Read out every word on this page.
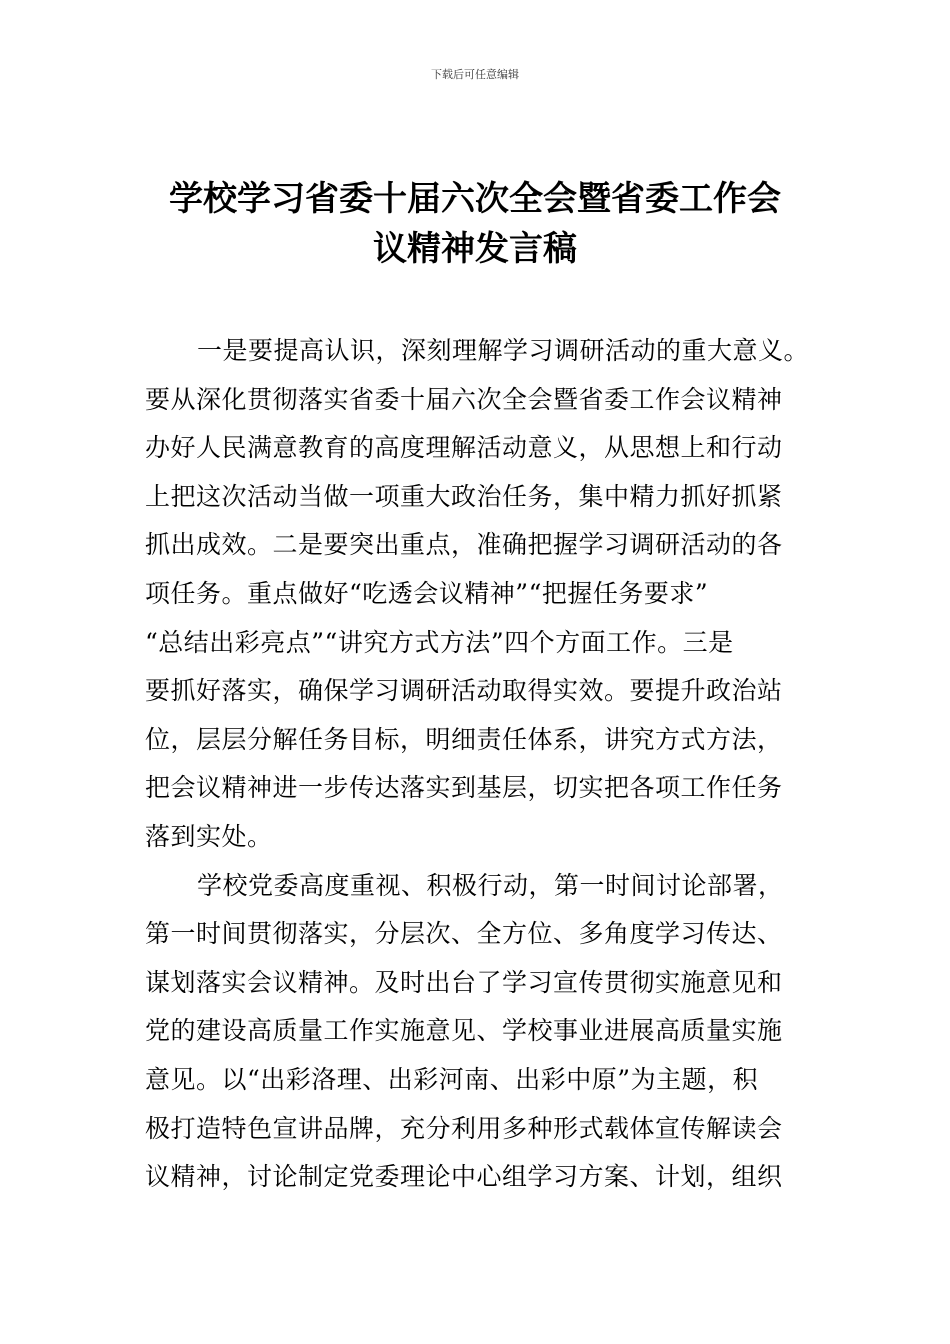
下载后可任意编辑
学校学习省委十届六次全会暨省委工作会
议精神发言稿
一是要提高认识，深刻理解学习调研活动的重大意义。
要从深化贯彻落实省委十届六次全会暨省委工作会议精神
办好人民满意教育的高度理解活动意义，从思想上和行动
上把这次活动当做一项重大政治任务，集中精力抓好抓紧
抓出成效。二是要突出重点，准确把握学习调研活动的各
项任务。重点做好“吃透会议精神”“把握任务要求”
“总结出彩亮点”“讲究方式方法”四个方面工作。三是
要抓好落实，确保学习调研活动取得实效。要提升政治站
位，层层分解任务目标，明细责任体系，讲究方式方法，
把会议精神进一步传达落实到基层，切实把各项工作任务
落到实处。
学校党委高度重视、积极行动，第一时间讨论部署，
第一时间贯彻落实，分层次、全方位、多角度学习传达、
谋划落实会议精神。及时出台了学习宣传贯彻实施意见和
党的建设高质量工作实施意见、学校事业进展高质量实施
意见。以“出彩洛理、出彩河南、出彩中原”为主题，积
极打造特色宣讲品牌，充分利用多种形式载体宣传解读会
议精神，讨论制定党委理论中心组学习方案、计划，组织
